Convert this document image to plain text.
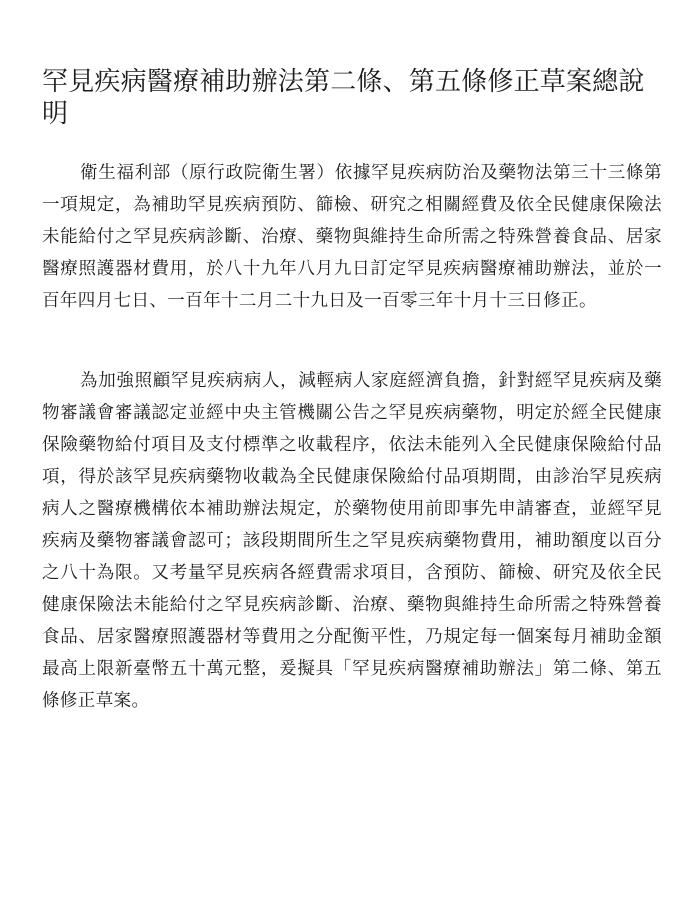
罕見疾病醫療補助辦法第二條、第五條修正草案總說明

衛生福利部（原行政院衛生署）依據罕見疾病防治及藥物法第三十三條第一項規定，為補助罕見疾病預防、篩檢、研究之相關經費及依全民健康保險法未能給付之罕見疾病診斷、治療、藥物與維持生命所需之特殊營養食品、居家醫療照護器材費用，於八十九年八月九日訂定罕見疾病醫療補助辦法，並於一百年四月七日、一百年十二月二十九日及一百零三年十月十三日修正。

為加強照顧罕見疾病病人，減輕病人家庭經濟負擔，針對經罕見疾病及藥物審議會審議認定並經中央主管機關公告之罕見疾病藥物，明定於經全民健康保險藥物給付項目及支付標準之收載程序，依法未能列入全民健康保險給付品項，得於該罕見疾病藥物收載為全民健康保險給付品項期間，由診治罕見疾病病人之醫療機構依本補助辦法規定，於藥物使用前即事先申請審查，並經罕見疾病及藥物審議會認可；該段期間所生之罕見疾病藥物費用，補助額度以百分之八十為限。又考量罕見疾病各經費需求項目，含預防、篩檢、研究及依全民健康保險法未能給付之罕見疾病診斷、治療、藥物與維持生命所需之特殊營養食品、居家醫療照護器材等費用之分配衡平性，乃規定每一個案每月補助金額最高上限新臺幣五十萬元整，爰擬具「罕見疾病醫療補助辦法」第二條、第五條修正草案。
